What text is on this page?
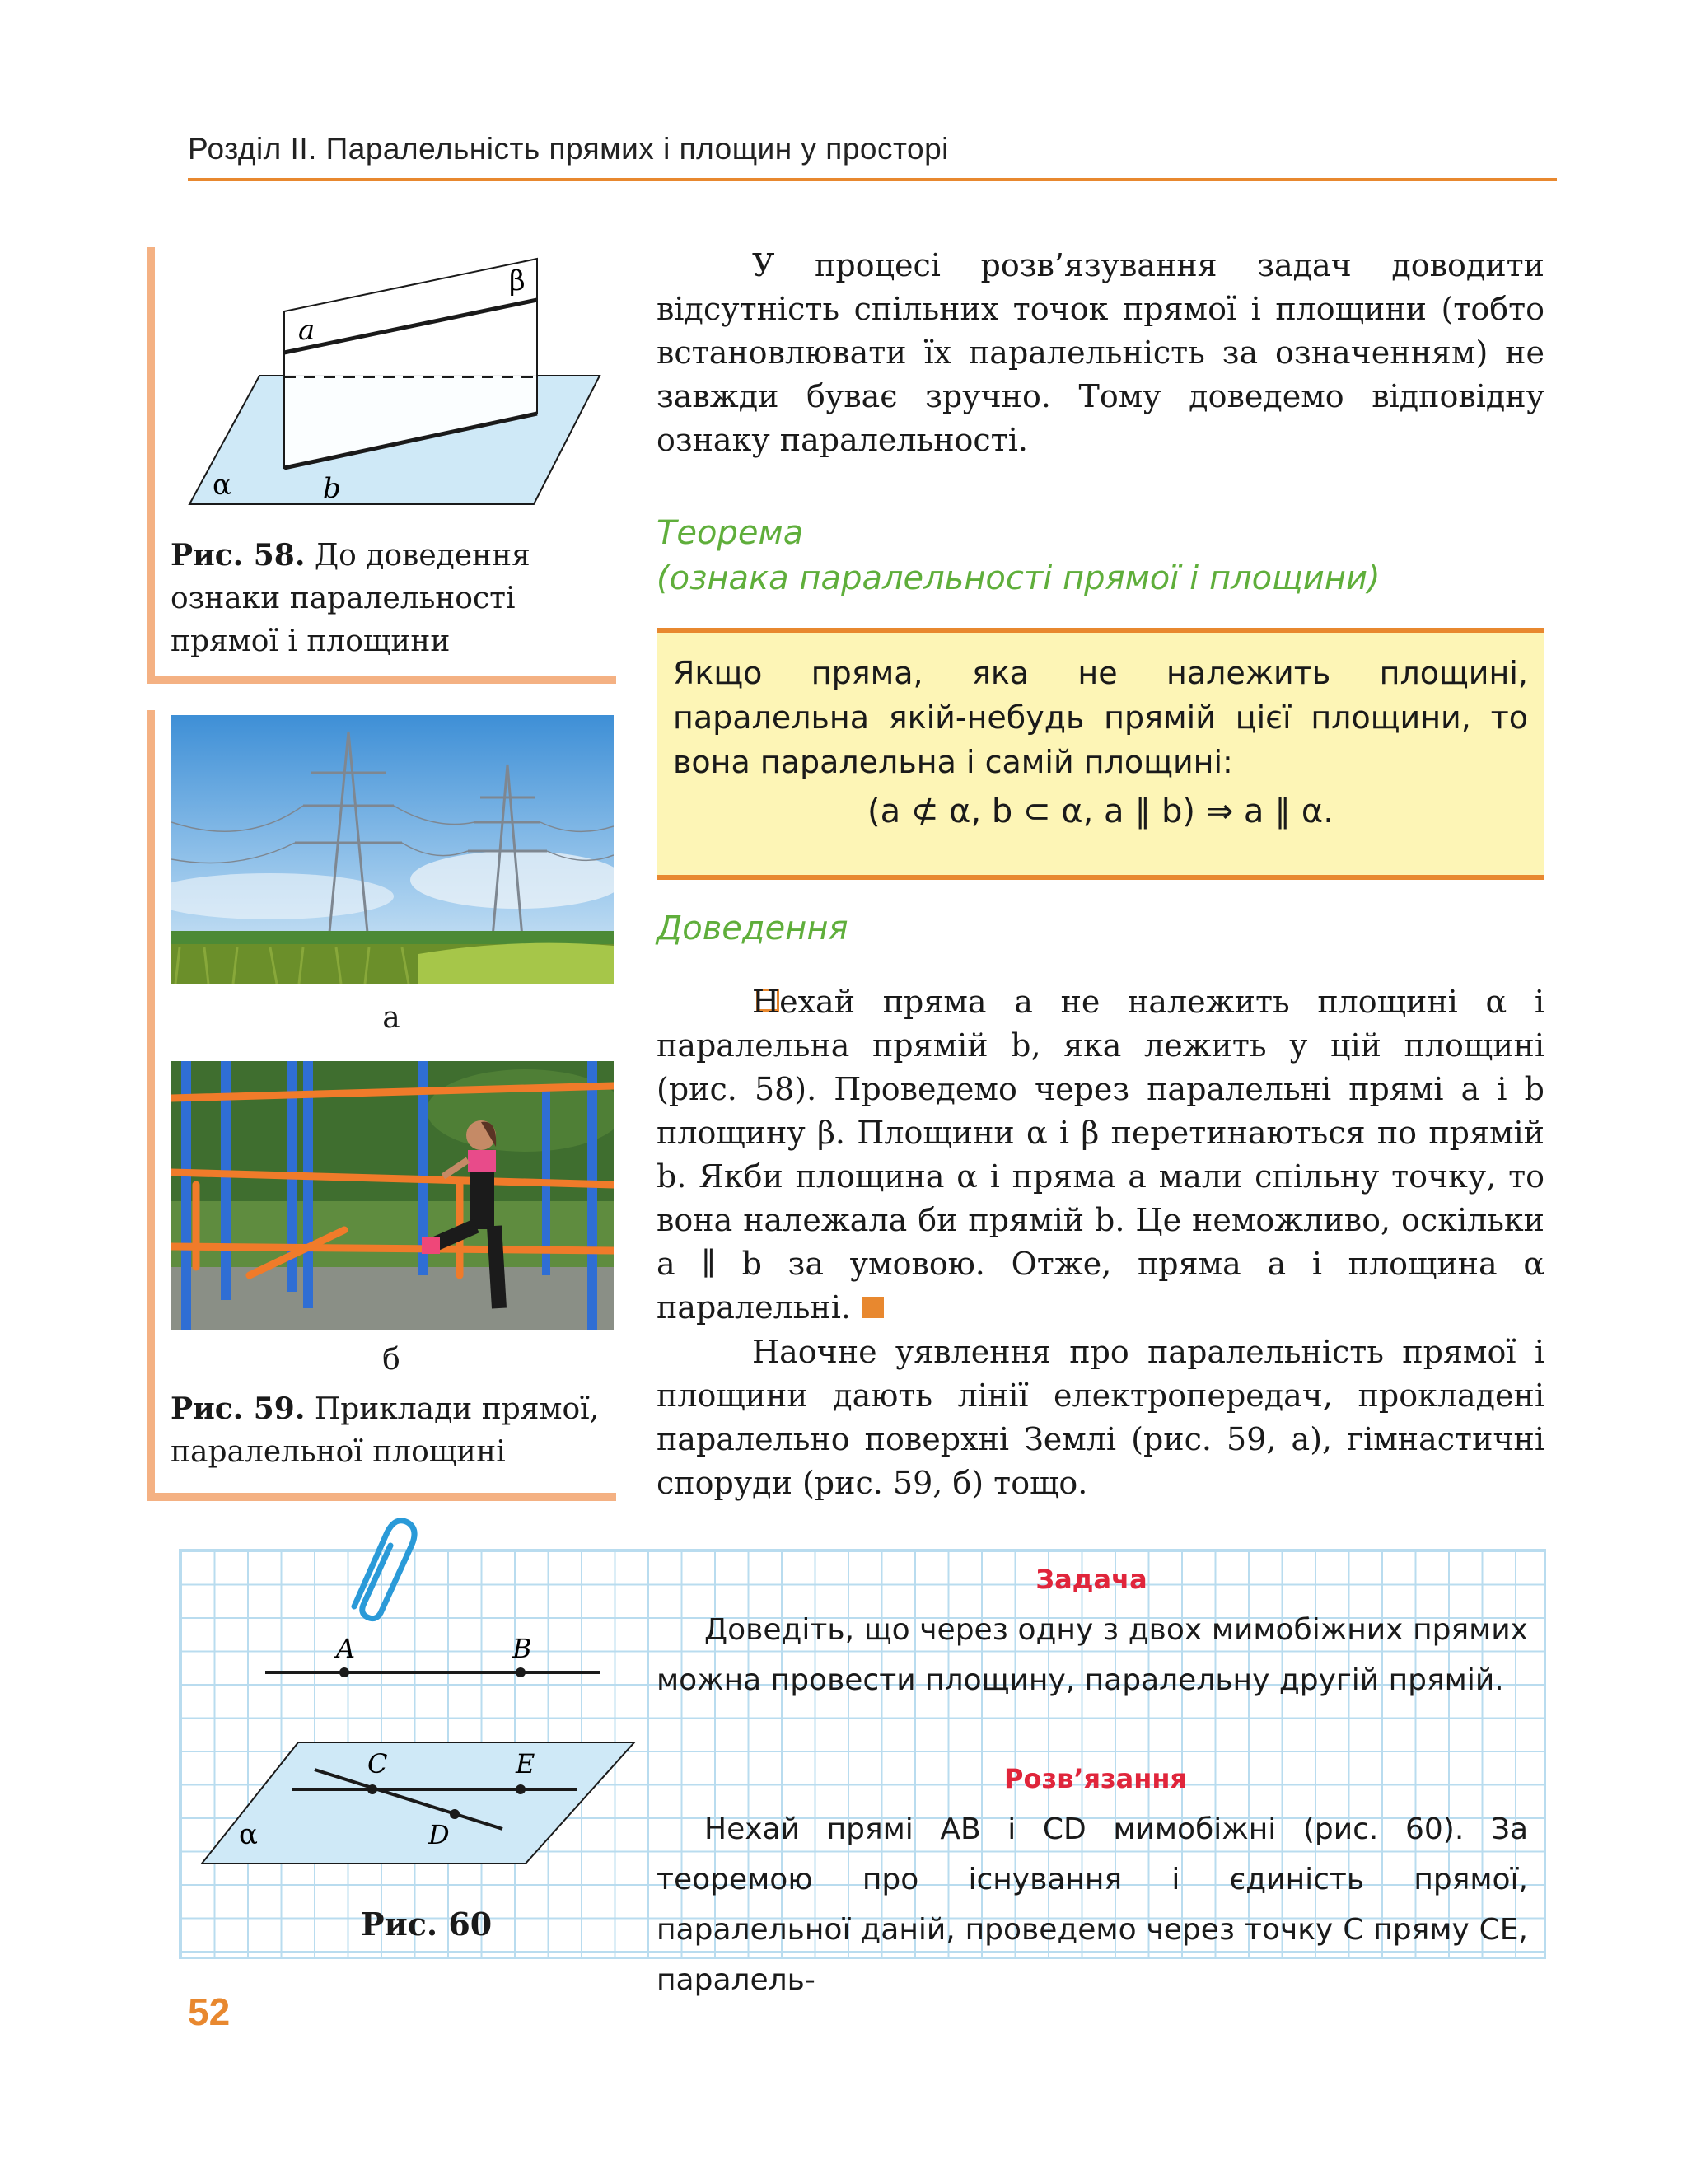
Розділ ІІ. Паралельність прямих і площин у просторі
β
a
α	b
Рис. 58. До доведення ознаки паралельності прямої і площини
а
б
Рис. 59. Приклади прямої, паралельної площині
У процесі розв’язування задач доводити відсутність спільних точок прямої і площини (тобто встановлювати їх паралельність за означенням) не завжди буває зручно. Тому доведемо відповідну ознаку паралельності.
Теорема
(ознака паралельності прямої і площини)
Якщо пряма, яка не належить площині, паралельна якій-небудь прямій цієї площини, то вона паралельна і самій площині:
(a ⊄ α, b ⊂ α, a ∥ b) ⇒ a ∥ α.
Доведення
Нехай пряма a не належить площині α і паралельна прямій b, яка лежить у цій площині (рис. 58). Проведемо через паралельні прямі a і b площину β. Площини α і β перетинаються по прямій b. Якби площина α і пряма a мали спільну точку, то вона належала би прямій b. Це неможливо, оскільки a ∥ b за умовою. Отже, пряма a і площина α паралельні.
Наочне уявлення про паралельність прямої і площини дають лінії електропередач, прокладені паралельно поверхні Землі (рис. 59, а), гімнастичні споруди (рис. 59, б) тощо.
A	B
C	E
D
α
Рис. 60
Задача
Доведіть, що через одну з двох мимобіжних прямих можна провести площину, паралельну другій прямій.
Розв’язання
Нехай прямі AB і CD мимобіжні (рис. 60). За теоремою про існування і єдиність прямої, паралельної даній, проведемо через точку C пряму CE, паралель-
52
